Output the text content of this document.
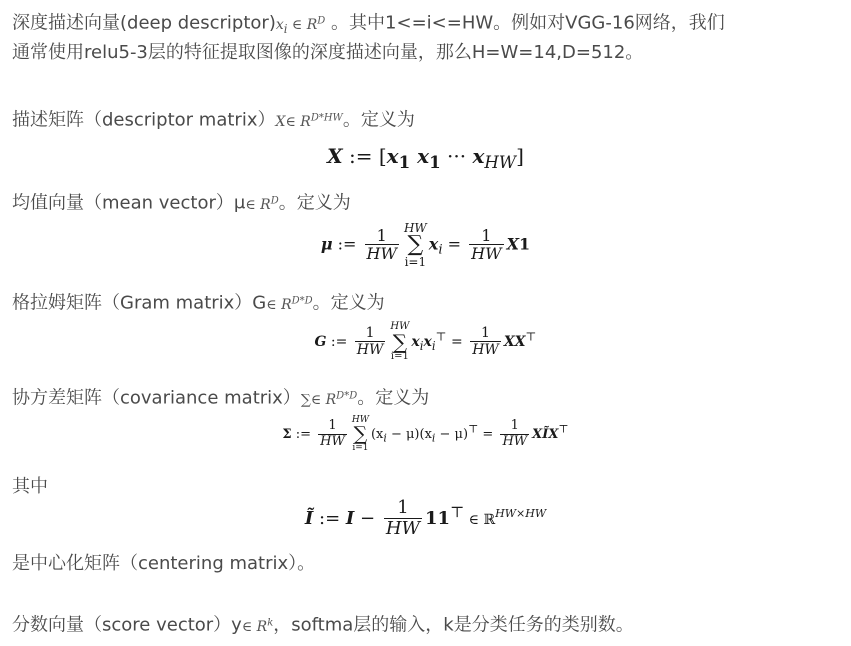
深度描述向量(deep $descriptor)x_i$ ∈ $R^D$ 。其中1<=i<=HW。例如对VGG-16网络，我们
通常使用relu5-3层的特征提取图像的深度描述向量，那么H=W=14,D=512。
描述矩阵（descriptor matrix）X∈ $R^{D*HW}$。定义为
X := [$x_1$ $x_1$ ··· $x_{HW}$]
均值向量（mean vector）μ∈ $R^D$。定义为
μ := $\frac{1}{HW}$ HW
∑
i=1
$x_i = \frac{1}{HW} X1$
格拉姆矩阵（Gram matrix）G∈ $R^{D*D}$。定义为
G := $\frac{1}{HW}$ HW
∑
i=1
$x_ix_i^⊤ = \frac{1}{HW} XX^⊤$
协方差矩阵（covariance matrix）∑∈ $R^{D*D}$。定义为
Σ := $\frac{1}{HW}$ HW
∑
i=1
$(x_i - \mu)(x_i - \mu)^⊤ = \frac{1}{HW}$ XĨX⊤
其中
Ĩ := $I - \frac{1}{HW} 11^⊤$ ∈ ℝ$^{HW\times HW}$
是中心化矩阵（centering matrix）。
分数向量（score vector）y∈ $R^k$，softma层的输入，k是分类任务的类别数。
